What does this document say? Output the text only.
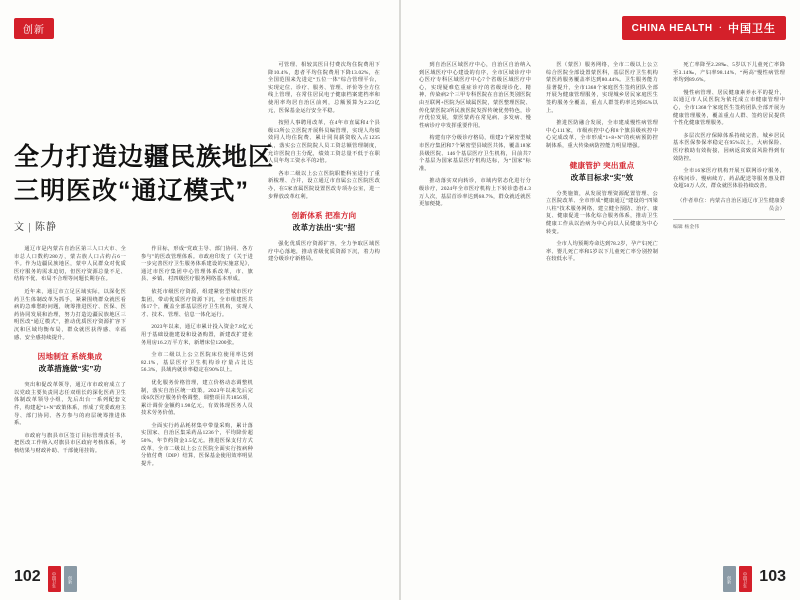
创新
全力打造边疆民族地区
三明医改“通辽模式”
文 | 陈静

通辽市是内蒙古自治区第三人口大市、全市总人口数约280万，蒙古族人口占约占6一半。作为边疆民族地区，蒙中人民群众对优质医疗服务的需求迫切，但医疗资源总量不足、结构不优、布局不合理等问题长期存在。

近年来，通辽市立足区域实际，以深化医药卫生体制改革为抓手，紧紧围绕群众就医看病的急难愁盼问题，统筹推进医疗、医保、医药协同发展和治理，努力打造边疆民族地区三明医改“通辽模式”，推动优质医疗资源扩容下沉和区域均衡布局，群众就医获得感、幸福感、安全感持续提升。

因地制宜 系统集成
改革措施做“实”功

突出和促改革领导，通辽市市政府成立了以党政主要负责同志任双组长的深化医药卫生体制改革领导小组，先后出台一系列配套文件，构建起“1+N”政策体系，形成了党委政府主导、部门协同、各方参与的府层统筹推进体系。

市政府与旗县市区签订目标管理责任书，把医改工作纳入对旗县市区政府考核体系，考核结果与财政补助、干部使用挂钩。

作目标，形成“党政主导、部门协同、各方参与”的医改管理体系。市政府印发了《关于进一步完善医疗卫生服务体系建设的实施意见》，通过市医疗集团中心管理体系改革，市、旗县、乡镇、村四级医疗服务网络基本形成。

依托市级医疗资源，组建紧密型城市医疗集团，带动优质医疗资源下沉，全市组建医共体17个，覆盖全部基层医疗卫生机构，实现人才、技术、管理、信息一体化运行。

2023年以来，通辽市累计投入资金7.8亿元用于基础设施建设和设备购置，新建改扩建业务用房16.2万平方米，新增床位1200张。

全市二级以上公立医院床位使用率达到82.1%，基层医疗卫生机构诊疗量占比达56.3%，县域内就诊率稳定在90%以上。

优化服务价格管理，建立价格动态调整机制，落实自治区统一政策。2023年以来先后完成6次医疗服务价格调整，调整项目共1856项，累计调价金额约1.98亿元，有效体现医务人员技术劳务价值。

全面实行药品耗材集中带量采购，累计落实国家、自治区集采药品1236个，平均降价超50%，年节约资金3.5亿元。推进医保支付方式改革，全市二级以上公立医院全面实行按病种分值付费（DIP）结算，医保基金使用效率明显提升。

可管理、相较其医目付费次均住院费用下降10.4%，患者平均住院费用下降13.02%，在全国范围来先进定“五位一体”综合管理平台，实现定位、诊疗、服务、管理、评价等全方位线上管理，在常住居民电子健康档案建档率和使用率均居自治区前列，总额预算为2.23亿元，医保基金运行安全平稳。

按照人事聘用改革，在4年市直属和4个县级13所公立医院开展科员编管理，实现人均绩效同人均住院费、累计同岗薪资收入占1235人，落实公立医院院人员工资总额管理制度，允许医院自主分配，绩效工资总量不低于在职人员年均工资水平的2倍。

各市二级以上公立医院职能科室进行了重新梳理、合并，设立通辽市直属公立医院医改办，在5家直属医院设置医改专项办公室，进一步释放改革红利。

创新体系 把准方向
改革方法出“实”招

强化优质医疗资源扩容，全力争取区域医疗中心落地，推动省级优质资源下沉，着力构建分级诊疗新格局。

102	中国卫生	创新
CHINA HEALTH · 中国卫生

到自治区区域医疗中心，自治区自治纳入到区域医疗中心建设的有序，全市区域诊疗中心医疗专科区域医疗中心7个省级区域医疗中心，实现疑难危重症诊疗的省级现诊化、精神、传染病2个三甲专科医院在自治区类别医院由互联网+医院为区域属医院，蒙医整理医院、传化蒙医院3所民族医院发挥传统优势特色，诊疗优位发展，蒙医蒙药在常见病、多发病、慢性病诊疗中发挥重要作用。

构建有序分级诊疗格局，组建2个紧密型城市医疗集团和7个紧密型县域医共体，覆盖18家县级医院、146个基层医疗卫生机构，目前共7个基层为国家基层医疗机构达标，为“国家”标准。

推动落实双向转诊，市域内常态化进行分级诊疗，2024年全市医疗机构上下转诊患者4.3万人次，基层首诊率达到68.7%，群众就近就医更加便捷。

医（蒙医）服务网络，全市二级以上公立综合医院全部设置蒙医科，基层医疗卫生机构蒙医药服务覆盖率达到80.44%。卫生服务能力显著提升，全市1368个家庭医生签约团队全部开展为健康管理服务，实现城乡居民家庭医生签约服务全覆盖，重点人群签约率达到85%以上。

推进医防融合发展，全市建成慢性病管理中心111家，市级疾控中心和8个旗县级疾控中心完成改革，全市形成“1+8+N”的疾病预防控制体系，重大传染病防控能力明显增强。

健康管护 突出重点
改革目标求“实”效

分类施策，从发展管理资源配置管理、公立医院改革、全市形成“健康通辽”建设的“四梁八柱”技术服务网络，建立健全预防、治疗、康复、健康促进一体化综合服务体系，推动卫生健康工作从以治病为中心向以人民健康为中心转变。

全市人均预期寿命达到78.2岁，孕产妇死亡率、婴儿死亡率和5岁以下儿童死亡率分别控制在较低水平。

死亡率降至2.28‰、5岁以下儿童死亡率降至3.14‰，产妇率98.14%、“两高”慢性病管理率均到89.6%。

慢性病管理、居民健康素养水平的提升，以通辽市人民医院为依托成立市健康管理中心，全市1368个家庭医生签约团队全部开展为健康管理服务，覆盖重点人群、签约居民提供个性化健康管理服务。

多层次医疗保障体系持续完善，城乡居民基本医保参保率稳定在95%以上，大病保险、医疗救助有效衔接，因病返贫致贫风险得到有效防控。

全市16家医疗机构开展互联网诊疗服务，在线问诊、慢病续方、药品配送等服务惠及群众超50万人次，群众就医体验持续改善。

（作者单位：内蒙古自治区通辽市卫生健康委员会）
编辑 杨金伟
103
创新	中国卫生
